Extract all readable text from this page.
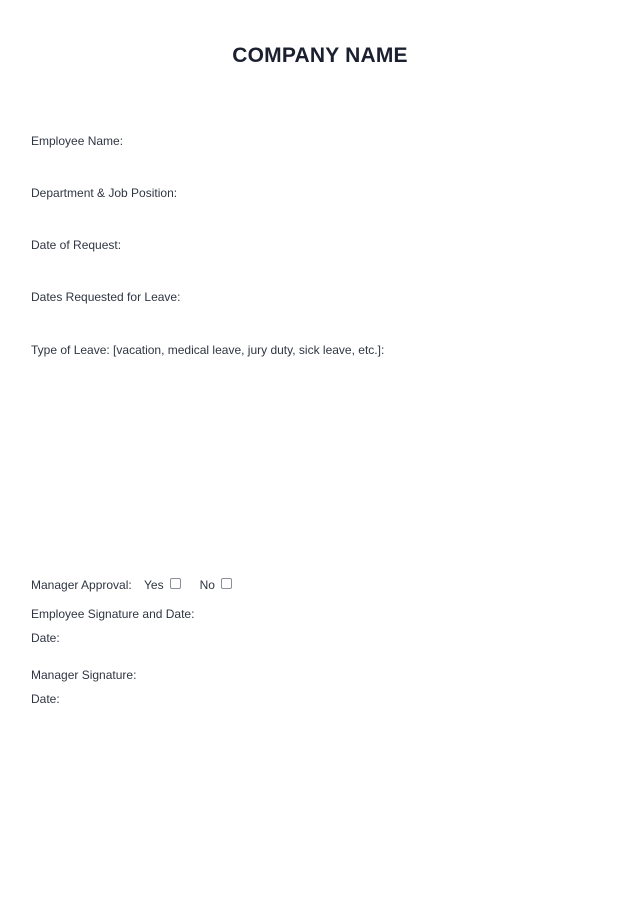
COMPANY NAME
Employee Name:
Department & Job Position:
Date of Request:
Dates Requested for Leave:
Type of Leave: [vacation, medical leave, jury duty, sick leave, etc.]:
Manager Approval:	Yes	No
Employee Signature and Date:
Date:
Manager Signature:
Date:
